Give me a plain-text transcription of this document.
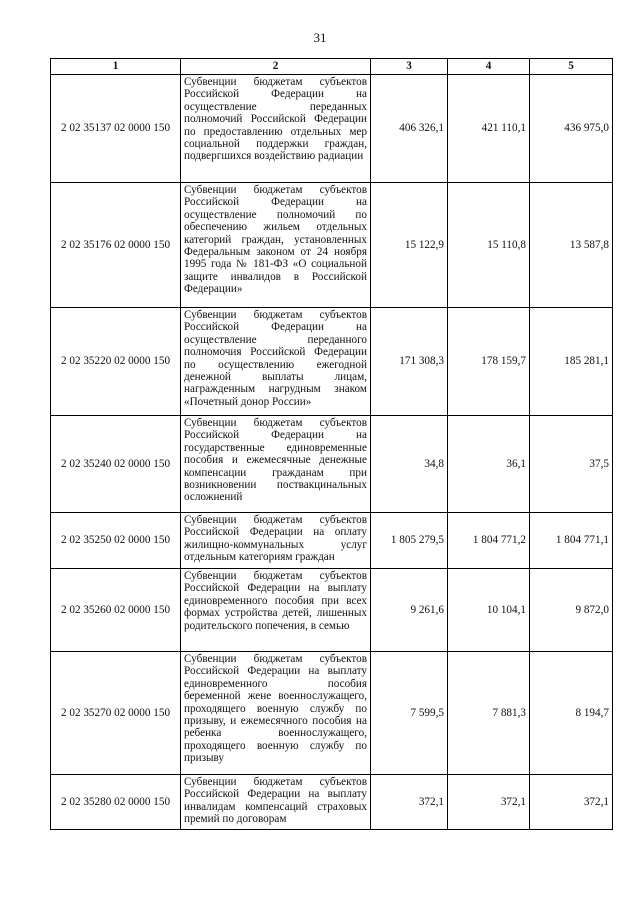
31
1	2	3	4	5
2 02 35137 02 0000 150	Субвенции бюджетам субъектов Российской Федерации на осуществление переданных полномочий Российской Федерации по предоставлению отдельных мер социальной поддержки граждан, подвергшихся воздействию радиации	406 326,1	421 110,1	436 975,0
2 02 35176 02 0000 150	Субвенции бюджетам субъектов Российской Федерации на осуществление полномочий по обеспечению жильем отдельных категорий граждан, установленных Федеральным законом от 24 ноября 1995 года № 181-ФЗ «О социальной защите инвалидов в Российской Федерации»	15 122,9	15 110,8	13 587,8
2 02 35220 02 0000 150	Субвенции бюджетам субъектов Российской Федерации на осуществление переданного полномочия Российской Федерации по осуществлению ежегодной денежной выплаты лицам, награжденным нагрудным знаком «Почетный донор России»	171 308,3	178 159,7	185 281,1
2 02 35240 02 0000 150	Субвенции бюджетам субъектов Российской Федерации на государственные единовременные пособия и ежемесячные денежные компенсации гражданам при возникновении поствакцинальных осложнений	34,8	36,1	37,5
2 02 35250 02 0000 150	Субвенции бюджетам субъектов Российской Федерации на оплату жилищно-коммунальных услуг отдельным категориям граждан	1 805 279,5	1 804 771,2	1 804 771,1
2 02 35260 02 0000 150	Субвенции бюджетам субъектов Российской Федерации на выплату единовременного пособия при всех формах устройства детей, лишенных родительского попечения, в семью	9 261,6	10 104,1	9 872,0
2 02 35270 02 0000 150	Субвенции бюджетам субъектов Российской Федерации на выплату единовременного пособия беременной жене военнослужащего, проходящего военную службу по призыву, и ежемесячного пособия на ребенка военнослужащего, проходящего военную службу по призыву	7 599,5	7 881,3	8 194,7
2 02 35280 02 0000 150	Субвенции бюджетам субъектов Российской Федерации на выплату инвалидам компенсаций страховых премий по договорам	372,1	372,1	372,1
